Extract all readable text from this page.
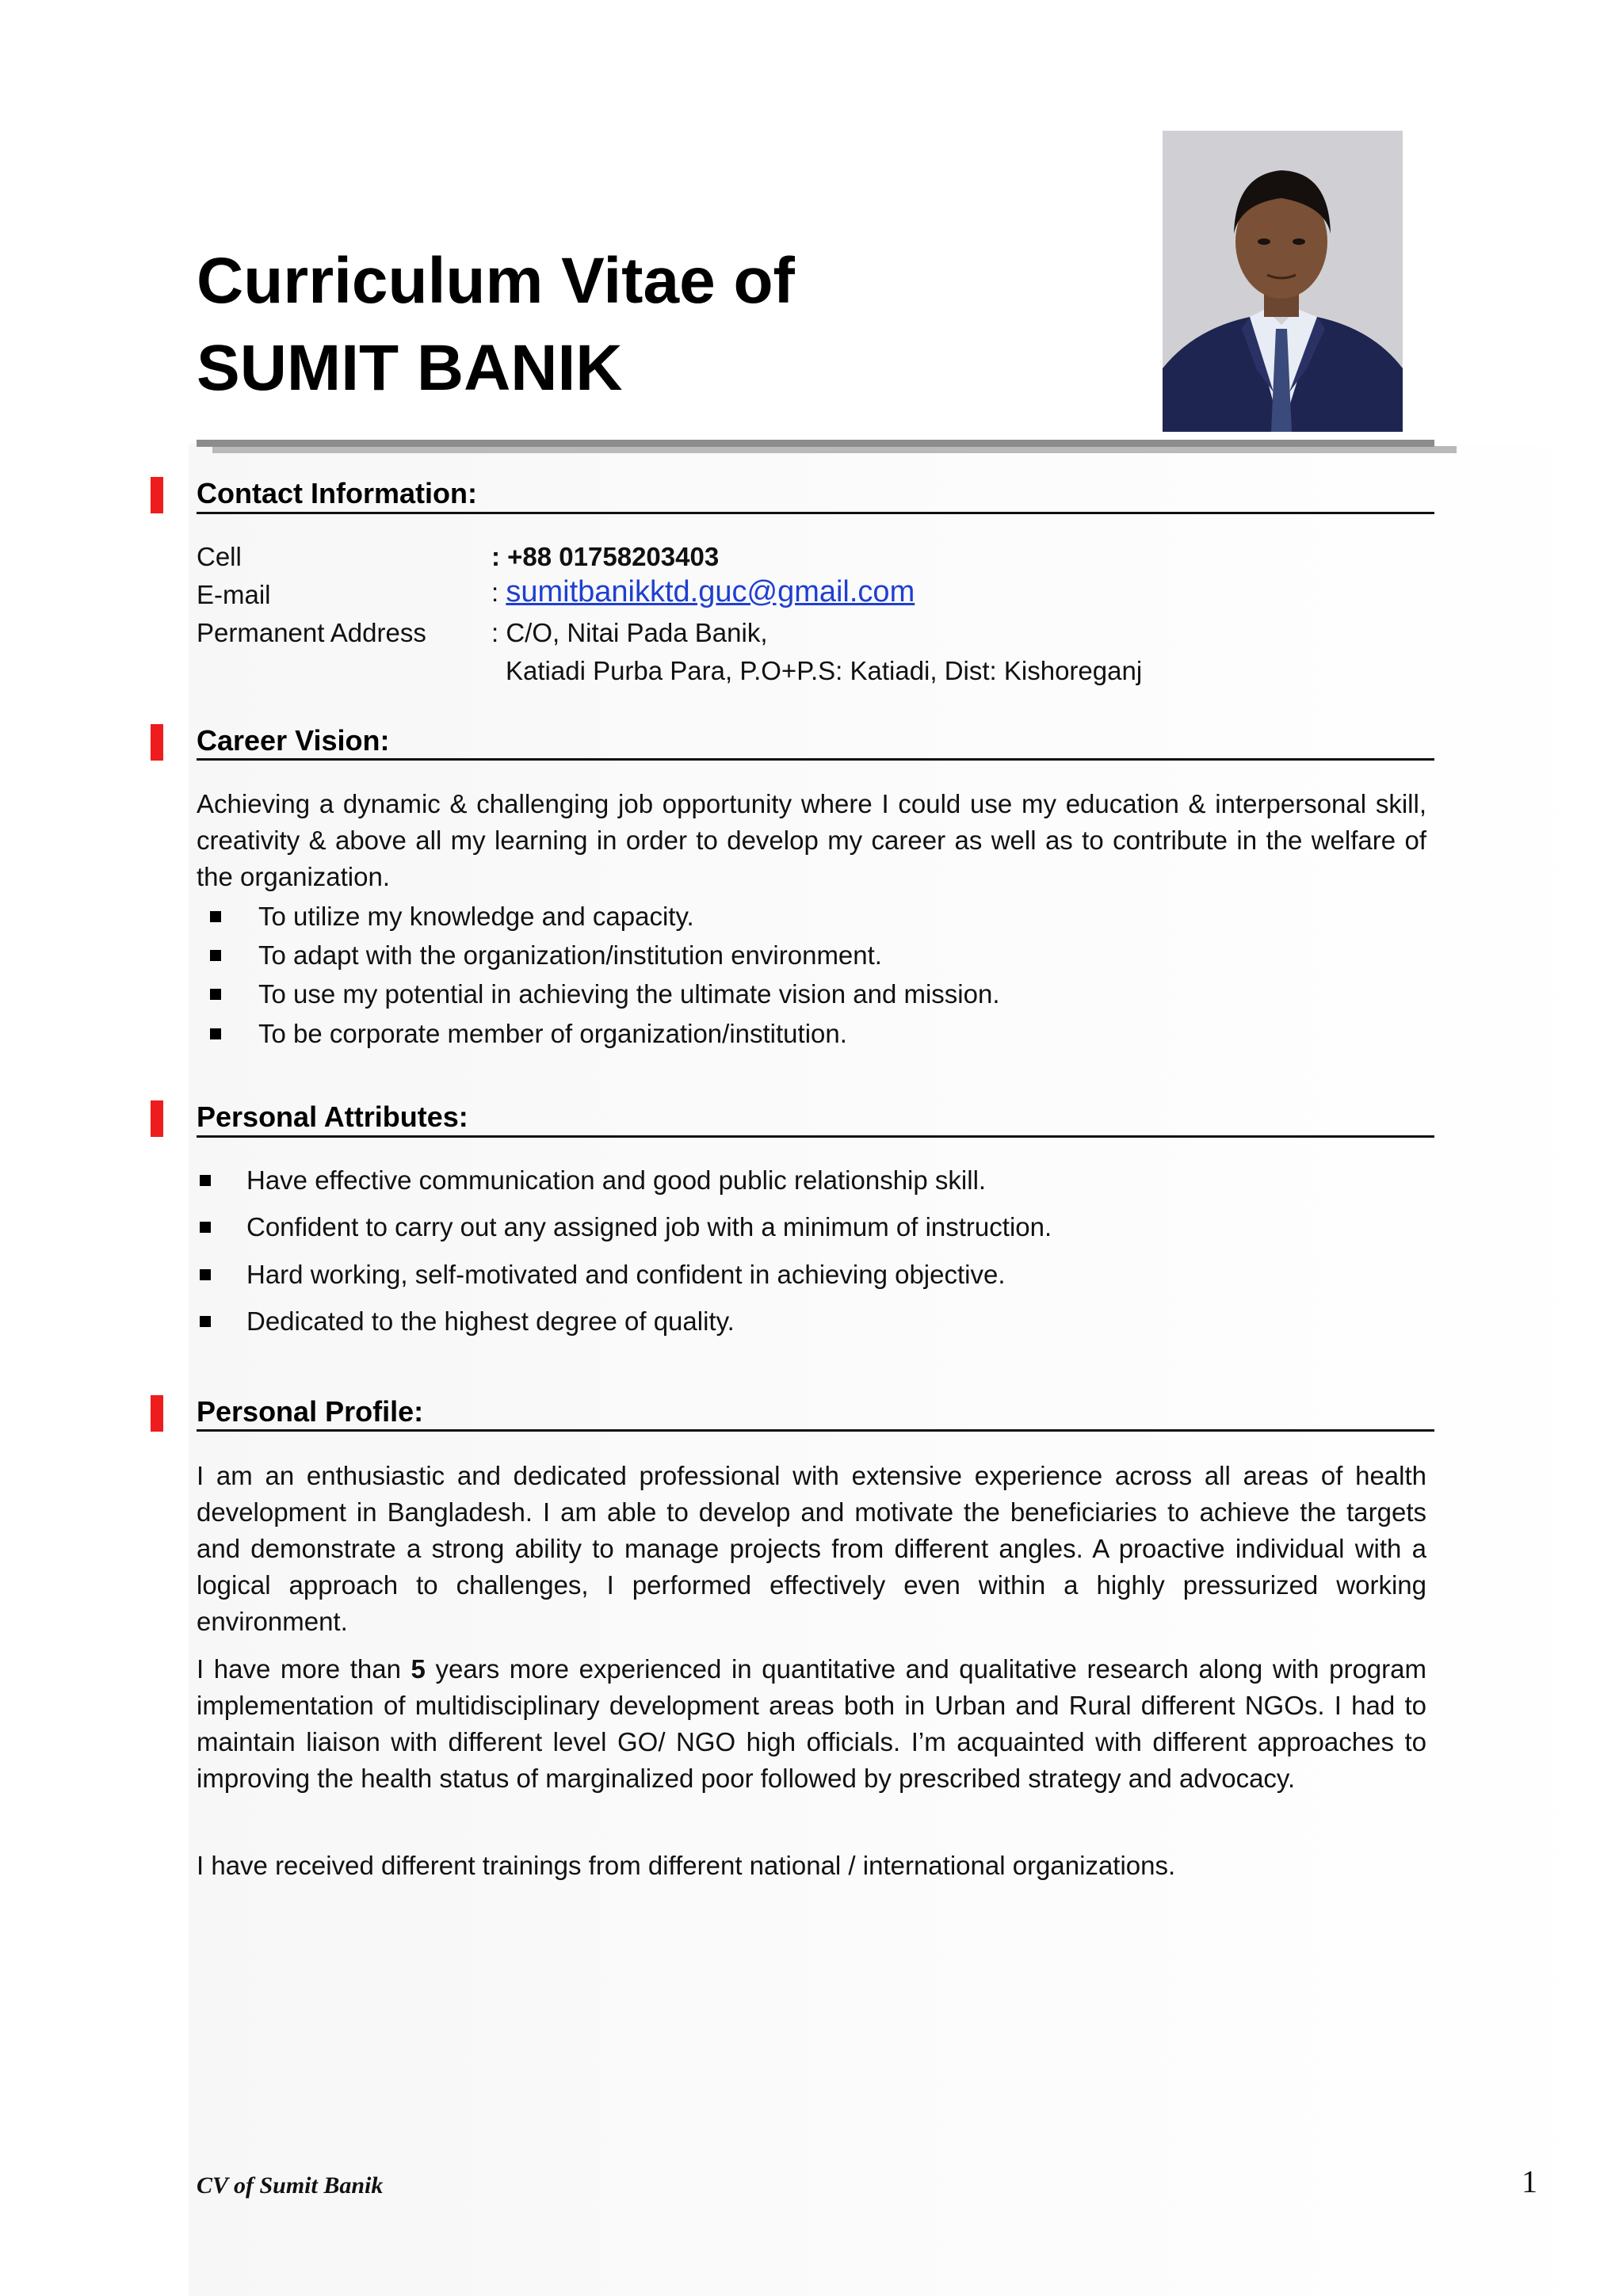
Curriculum Vitae of
SUMIT BANIK
Contact Information:
Cell	: +88 01758203403
E-mail	: sumitbanikktd.guc@gmail.com
Permanent Address : C/O, Nitai Pada Banik,
Katiadi Purba Para, P.O+P.S: Katiadi, Dist: Kishoreganj
Career Vision:

Achieving a dynamic & challenging job opportunity where I could use my education & interpersonal skill, creativity & above all my learning in order to develop my career as well as to contribute in the welfare of the organization.

To utilize my knowledge and capacity.
To adapt with the organization/institution environment.
To use my potential in achieving the ultimate vision and mission.
To be corporate member of organization/institution.
Personal Attributes:
Have effective communication and good public relationship skill.
Confident to carry out any assigned job with a minimum of instruction.
Hard working, self-motivated and confident in achieving objective.
Dedicated to the highest degree of quality.
Personal Profile:

I am an enthusiastic and dedicated professional with extensive experience across all areas of health development in Bangladesh. I am able to develop and motivate the beneficiaries to achieve the targets and demonstrate a strong ability to manage projects from different angles. A proactive individual with a logical approach to challenges, I performed effectively even within a highly pressurized working environment.

I have more than 5 years more experienced in quantitative and qualitative research along with program implementation of multidisciplinary development areas both in Urban and Rural different NGOs. I had to maintain liaison with different level GO/ NGO high officials. I’m acquainted with different approaches to improving the health status of marginalized poor followed by prescribed strategy and advocacy.

I have received different trainings from different national / international organizations.

CV of Sumit Banik	1
